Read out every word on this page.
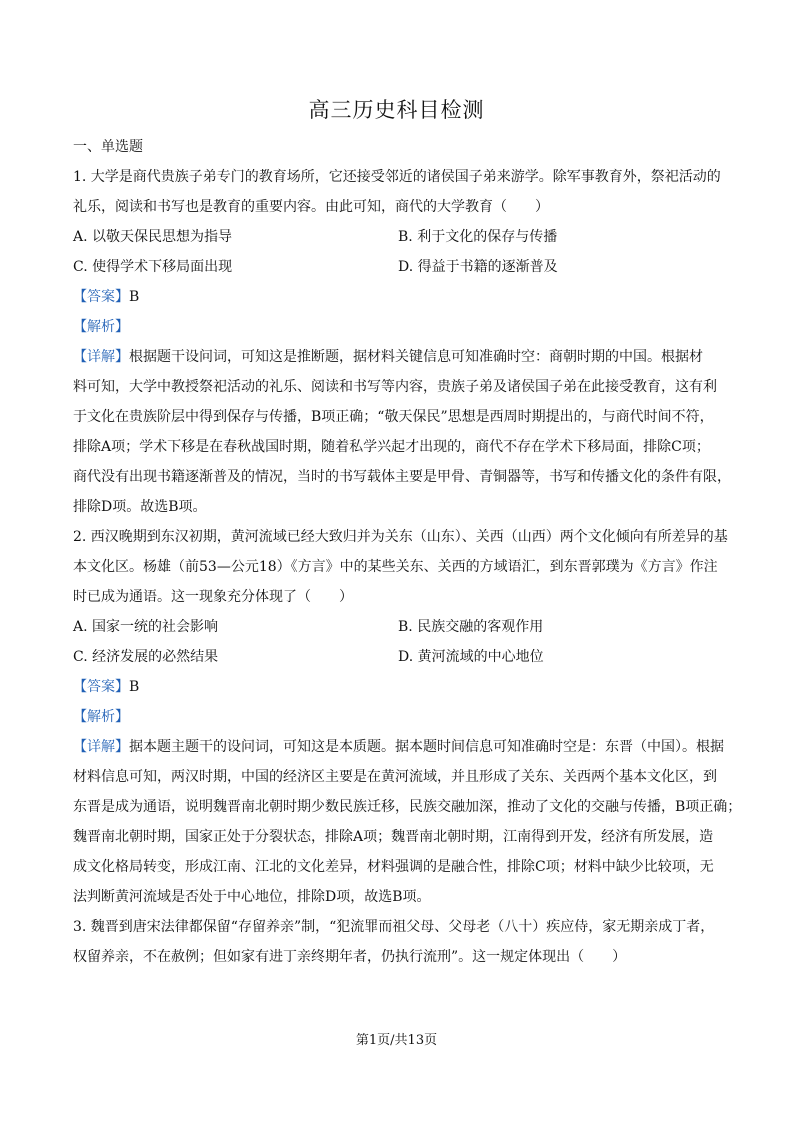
高三历史科目检测
一、单选题
1. 大学是商代贵族子弟专门的教育场所，它还接受邻近的诸侯国子弟来游学。除军事教育外，祭祀活动的
礼乐，阅读和书写也是教育的重要内容。由此可知，商代的大学教育（　　）
A. 以敬天保民思想为指导	B. 利于文化的保存与传播
C. 使得学术下移局面出现	D. 得益于书籍的逐渐普及
【答案】B
【解析】
【详解】根据题干设问词，可知这是推断题，据材料关键信息可知准确时空：商朝时期的中国。根据材
料可知，大学中教授祭祀活动的礼乐、阅读和书写等内容，贵族子弟及诸侯国子弟在此接受教育，这有利
于文化在贵族阶层中得到保存与传播，B项正确；“敬天保民”思想是西周时期提出的，与商代时间不符，
排除A项；学术下移是在春秋战国时期，随着私学兴起才出现的，商代不存在学术下移局面，排除C项；
商代没有出现书籍逐渐普及的情况，当时的书写载体主要是甲骨、青铜器等，书写和传播文化的条件有限，
排除D项。故选B项。
2. 西汉晚期到东汉初期，黄河流域已经大致归并为关东（山东）、关西（山西）两个文化倾向有所差异的基
本文化区。杨雄（前53—公元18）《方言》中的某些关东、关西的方域语汇，到东晋郭璞为《方言》作注
时已成为通语。这一现象充分体现了（　　）
A. 国家一统的社会影响	B. 民族交融的客观作用
C. 经济发展的必然结果	D. 黄河流域的中心地位
【答案】B
【解析】
【详解】据本题主题干的设问词，可知这是本质题。据本题时间信息可知准确时空是：东晋（中国）。根据
材料信息可知，两汉时期，中国的经济区主要是在黄河流域，并且形成了关东、关西两个基本文化区，到
东晋是成为通语，说明魏晋南北朝时期少数民族迁移，民族交融加深，推动了文化的交融与传播，B项正确；
魏晋南北朝时期，国家正处于分裂状态，排除A项；魏晋南北朝时期，江南得到开发，经济有所发展，造
成文化格局转变，形成江南、江北的文化差异，材料强调的是融合性，排除C项；材料中缺少比较项，无
法判断黄河流域是否处于中心地位，排除D项，故选B项。
3. 魏晋到唐宋法律都保留“存留养亲”制，“犯流罪而祖父母、父母老（八十）疾应侍，家无期亲成丁者，
权留养亲，不在赦例；但如家有进丁亲终期年者，仍执行流刑”。这一规定体现出（　　）
第1页/共13页
